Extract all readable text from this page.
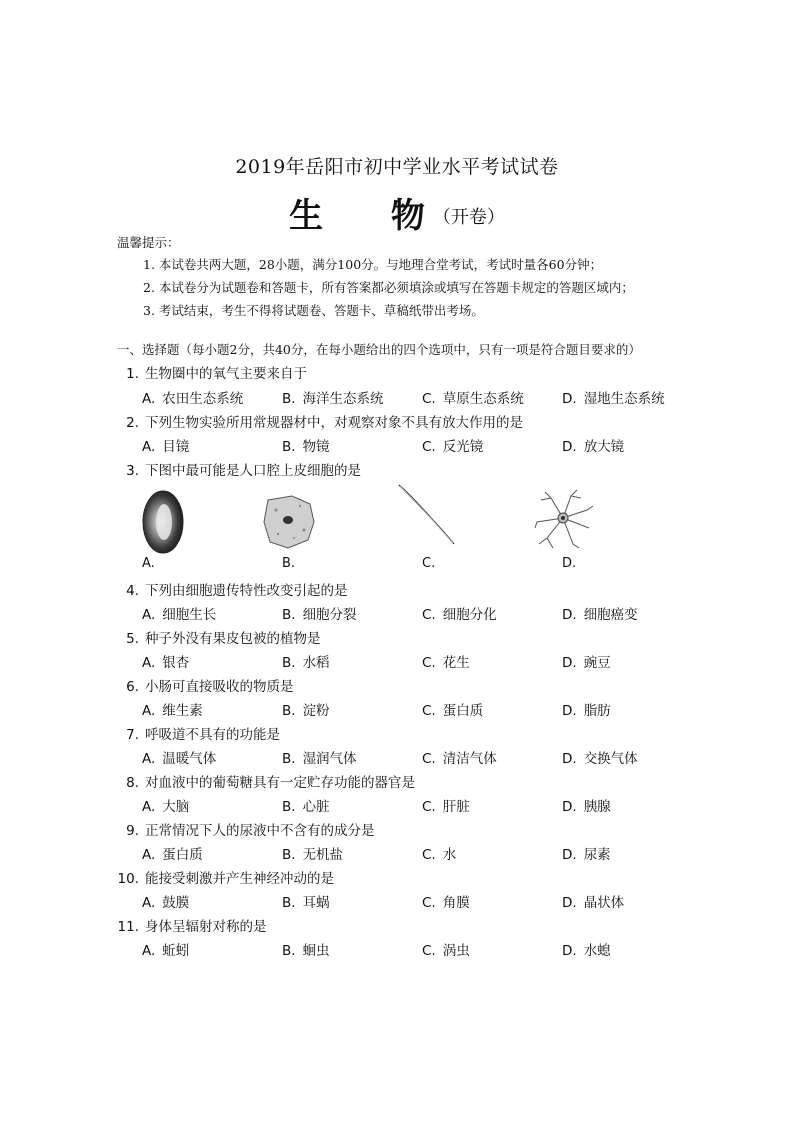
2019年岳阳市初中学业水平考试试卷
生 物（开卷）
温馨提示：
1. 本试卷共两大题，28小题，满分100分。与地理合堂考试，考试时量各60分钟；
2. 本试卷分为试题卷和答题卡，所有答案都必须填涂或填写在答题卡规定的答题区域内；
3. 考试结束，考生不得将试题卷、答题卡、草稿纸带出考场。
一、选择题（每小题2分，共40分，在每小题给出的四个选项中，只有一项是符合题目要求的）
1. 生物圈中的氧气主要来自于
A. 农田生态系统	B. 海洋生态系统	C. 草原生态系统	D. 湿地生态系统
2. 下列生物实验所用常规器材中，对观察对象不具有放大作用的是
A. 目镜	B. 物镜	C. 反光镜	D. 放大镜
3. 下图中最可能是人口腔上皮细胞的是
A.	B.	C.	D.
4. 下列由细胞遗传特性改变引起的是
A. 细胞生长	B. 细胞分裂	C. 细胞分化	D. 细胞癌变
5. 种子外没有果皮包被的植物是
A. 银杏	B. 水稻	C. 花生	D. 豌豆
6. 小肠可直接吸收的物质是
A. 维生素	B. 淀粉	C. 蛋白质	D. 脂肪
7. 呼吸道不具有的功能是
A. 温暖气体	B. 湿润气体	C. 清洁气体	D. 交换气体
8. 对血液中的葡萄糖具有一定贮存功能的器官是
A. 大脑	B. 心脏	C. 肝脏	D. 胰腺
9. 正常情况下人的尿液中不含有的成分是
A. 蛋白质	B. 无机盐	C. 水	D. 尿素
10. 能接受刺激并产生神经冲动的是
A. 鼓膜	B. 耳蜗	C. 角膜	D. 晶状体
11. 身体呈辐射对称的是
A. 蚯蚓	B. 蛔虫	C. 涡虫	D. 水螅
